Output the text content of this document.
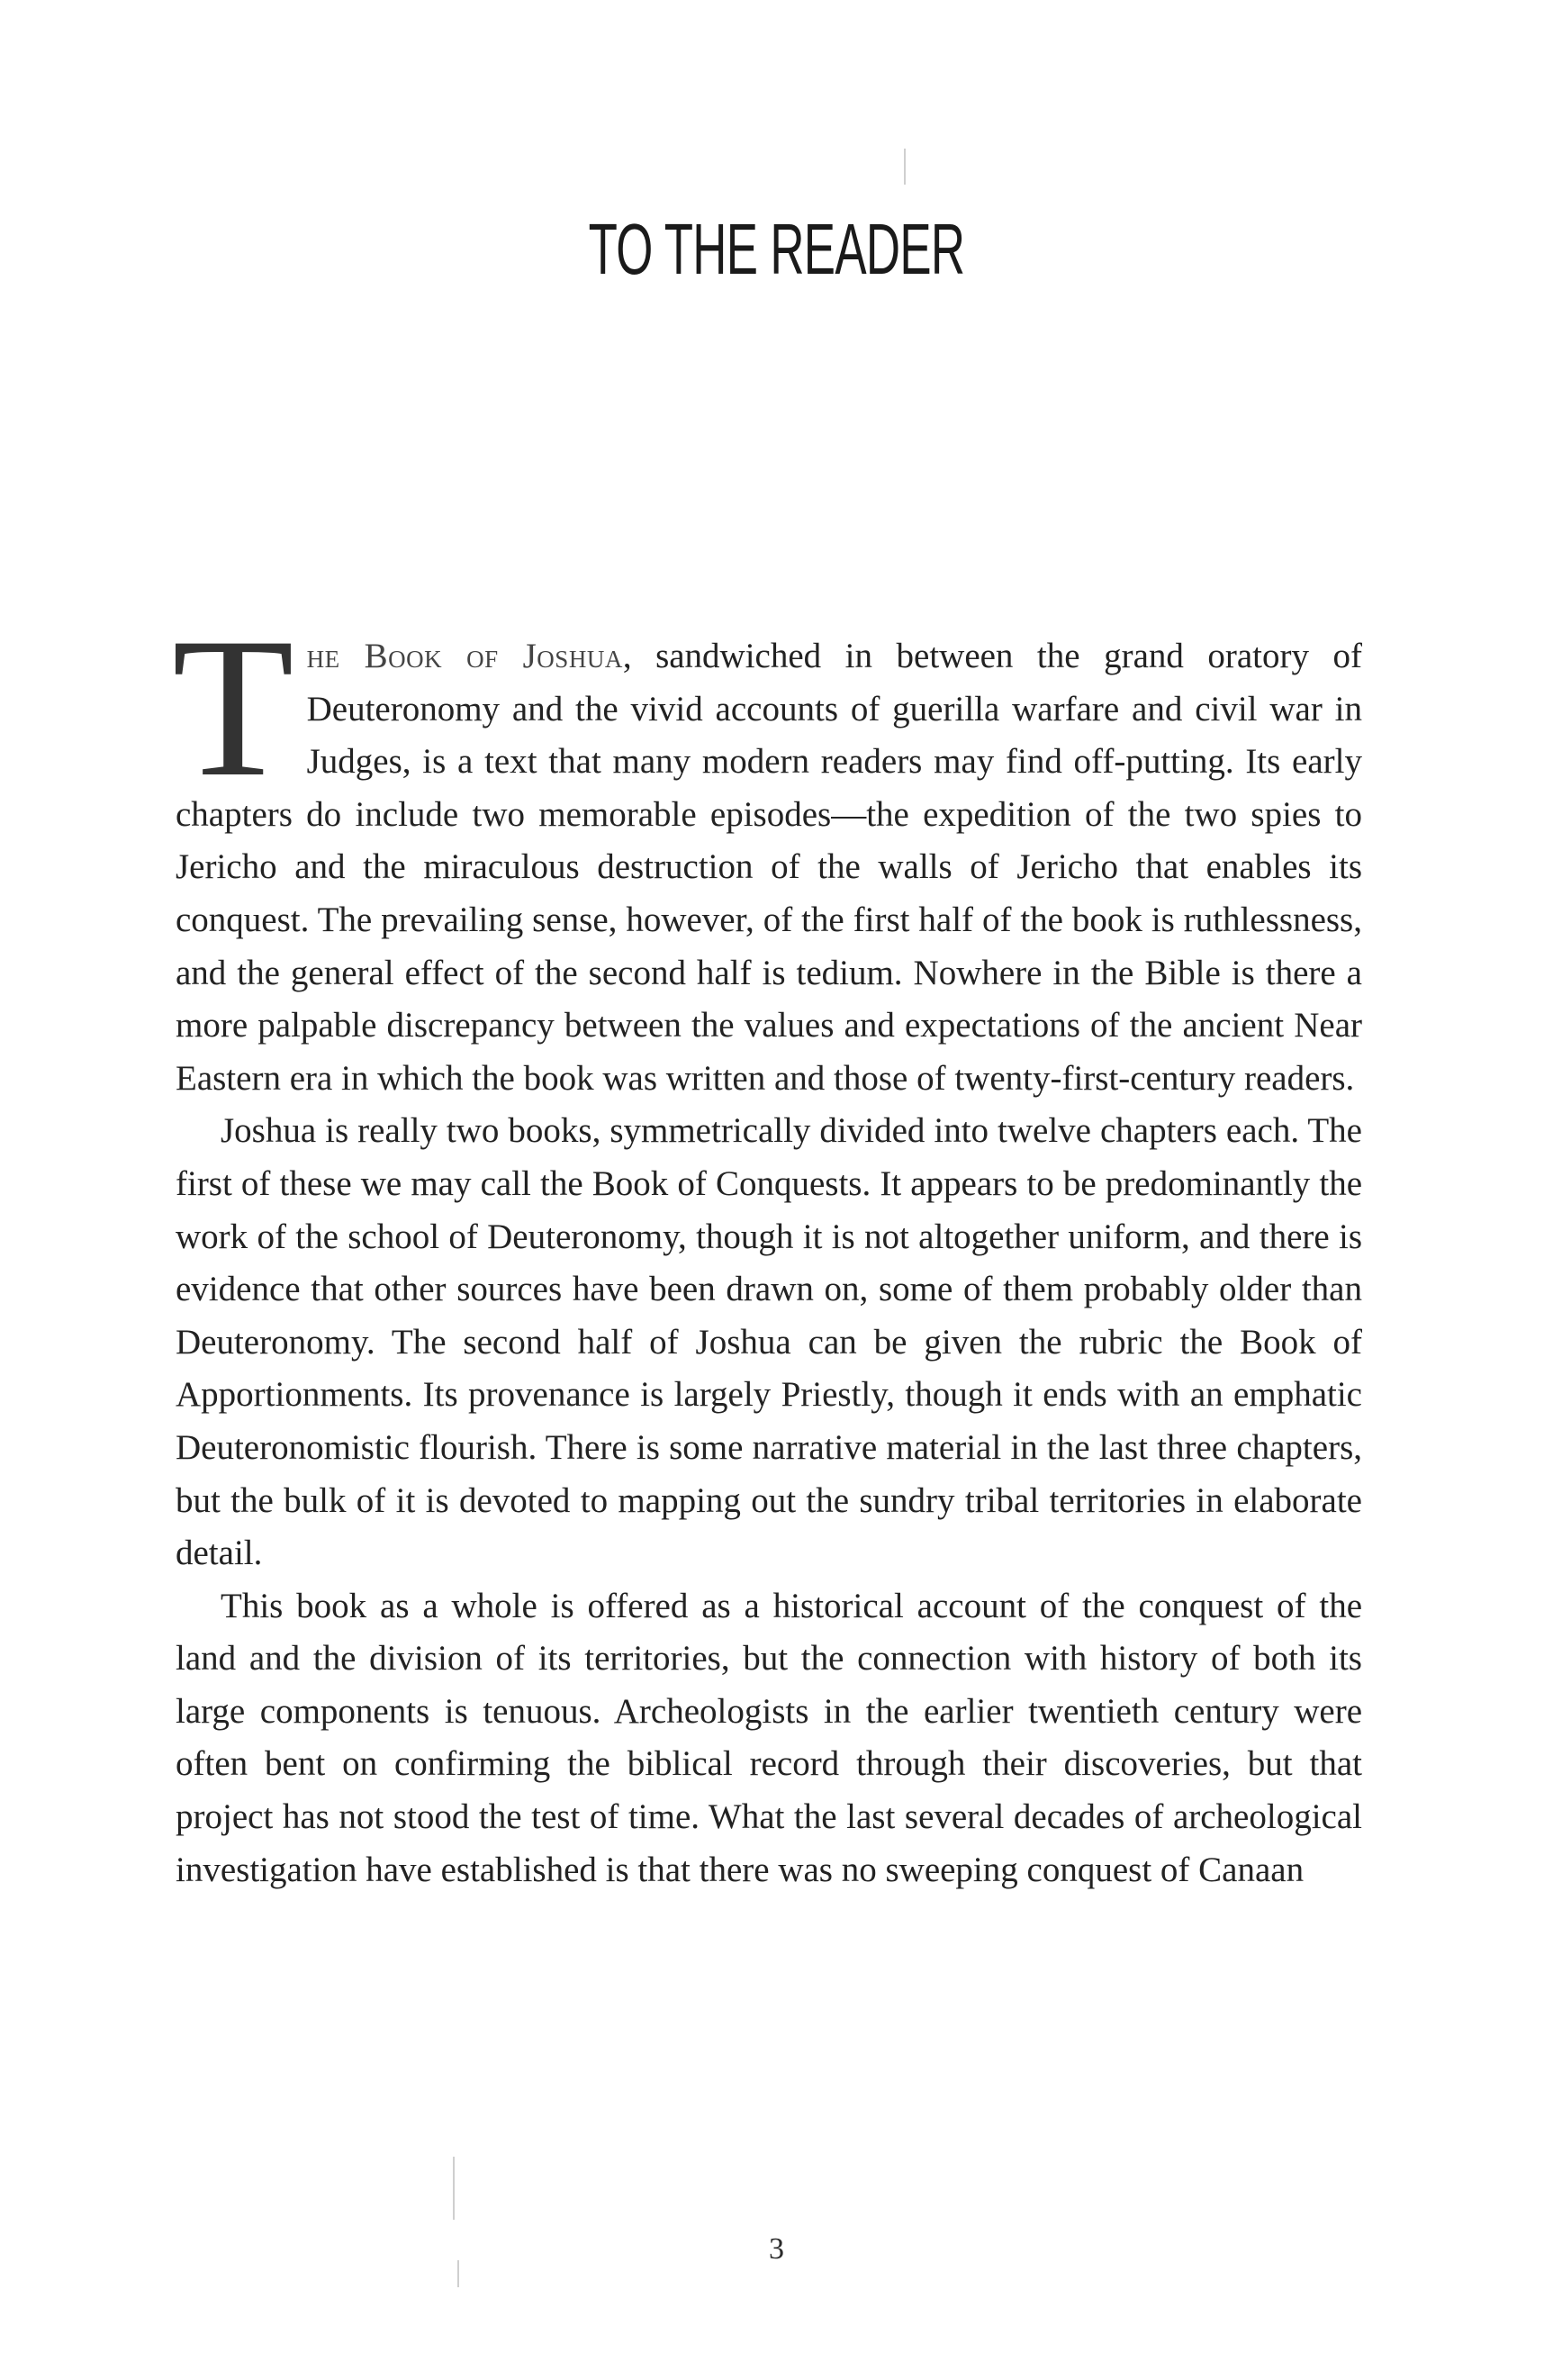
TO THE READER

The Book of Joshua, sandwiched in between the grand oratory of Deuteronomy and the vivid accounts of guerilla warfare and civil war in Judges, is a text that many modern readers may find off-putting. Its early chapters do include two memorable episodes—the expedition of the two spies to Jericho and the miraculous destruction of the walls of Jericho that enables its conquest. The prevailing sense, however, of the first half of the book is ruthlessness, and the general effect of the second half is tedium. Nowhere in the Bible is there a more palpable discrepancy between the values and expectations of the ancient Near Eastern era in which the book was written and those of twenty-first-century readers.

Joshua is really two books, symmetrically divided into twelve chapters each. The first of these we may call the Book of Conquests. It appears to be predominantly the work of the school of Deuteronomy, though it is not altogether uniform, and there is evidence that other sources have been drawn on, some of them probably older than Deuteronomy. The second half of Joshua can be given the rubric the Book of Apportionments. Its provenance is largely Priestly, though it ends with an emphatic Deuteronomistic flourish. There is some narrative material in the last three chapters, but the bulk of it is devoted to mapping out the sundry tribal territories in elaborate detail.

This book as a whole is offered as a historical account of the conquest of the land and the division of its territories, but the connection with history of both its large components is tenuous. Archeologists in the earlier twentieth century were often bent on confirming the biblical record through their discoveries, but that project has not stood the test of time. What the last several decades of archeological investigation have established is that there was no sweeping conquest of Canaan

3
